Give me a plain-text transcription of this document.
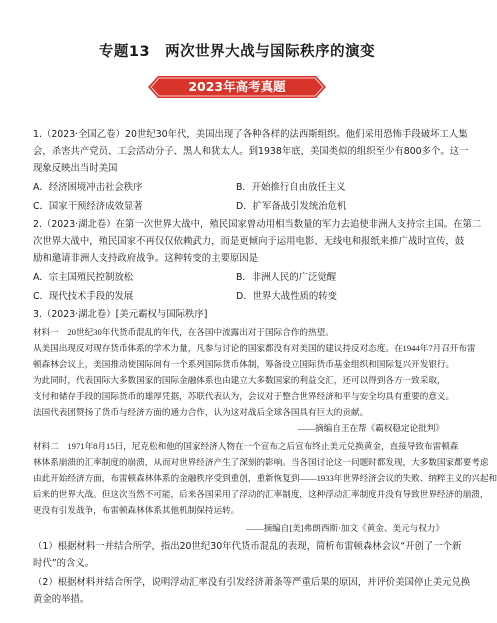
专题13　两次世界大战与国际秩序的演变
2023年高考真题
1.（2023·全国乙卷）20世纪30年代，美国出现了各种各样的法西斯组织。他们采用恐怖手段破坏工人集
会，杀害共产党员、工会活动分子、黑人和犹太人。到1938年底，美国类似的组织至少有800多个。这一
现象反映出当时美国
A．经济困境冲击社会秩序	B．开始推行自由放任主义
C．国家干预经济成效显著	D．扩军备战引发统治危机
2.（2023·湖北卷）在第一次世界大战中，殖民国家曾动用相当数量的军力去追使非洲人支持宗主国。在第二
次世界大战中，殖民国家不再仅仅依赖武力，而是更倾向于运用电影、无线电和报纸来推广战时宣传，鼓
励和邀请非洲人支持政府战争。这种转变的主要原因是
A．宗主国殖民控制放松	B．非洲人民的广泛觉醒
C．现代技术手段的发展	D．世界大战性质的转变
3.（2023·湖北卷）[美元霸权与国际秩序]
材料一　20世纪30年代货币混乱的年代，在各国中流露出对于国际合作的热望。
从美国出现反对现存货币体系的学术力量，凡参与讨论的国家都没有对美国的建议持反对态度。在1944年7月召开布雷
顿森林会议上，美国推动使国际间有一个系列国际货币体制，筹备设立国际货币基金组织和国际复兴开发银行。
为此同时，代表国际大多数国家的国际金融体系也由建立大多数国家的利益交汇，还可以得到各方一致采取，
支付和储存手段的国际货币的雄厚凭据，苏联代表认为，会议对于整合世界经济和平与安全均具有重要的意义。
法国代表团赞扬了货币与经济方面的通力合作，认为这对战后全球各国具有巨大的贡献。
——摘编自王在帮《霸权稳定论批判》
材料二　1971年8月15日，尼克松和他的国家经济人物在一个宣布之后宣布终止美元兑换黄金，直接导致布雷顿森
林体系崩溃的汇率制度的崩溃，从而对世界经济产生了深刻的影响。当各国讨论这一问题时都发现，大多数国家都要考虑
由此开始经济方面，布雷顿森林体系的金融秩序受到重创，重新恢复到——1933年世界经济会议的失败、纳粹主义的兴起和
后来的世界大战。但这次当然不可能，后来各国采用了浮动的汇率制度，这种浮动汇率制度并没有导致世界经济的崩溃，
更没有引发战争，布雷顿森林体系其他机制保持运转。
——摘编自[美]弗朗西斯·加文《黄金、美元与权力》
（1）根据材料一并结合所学，指出20世纪30年代货币混乱的表现，简析布雷顿森林会议“开创了一个新
时代”的含义。
（2）根据材料并结合所学，说明浮动汇率没有引发经济萧条等严重后果的原因，并评价美国停止美元兑换
黄金的举措。
